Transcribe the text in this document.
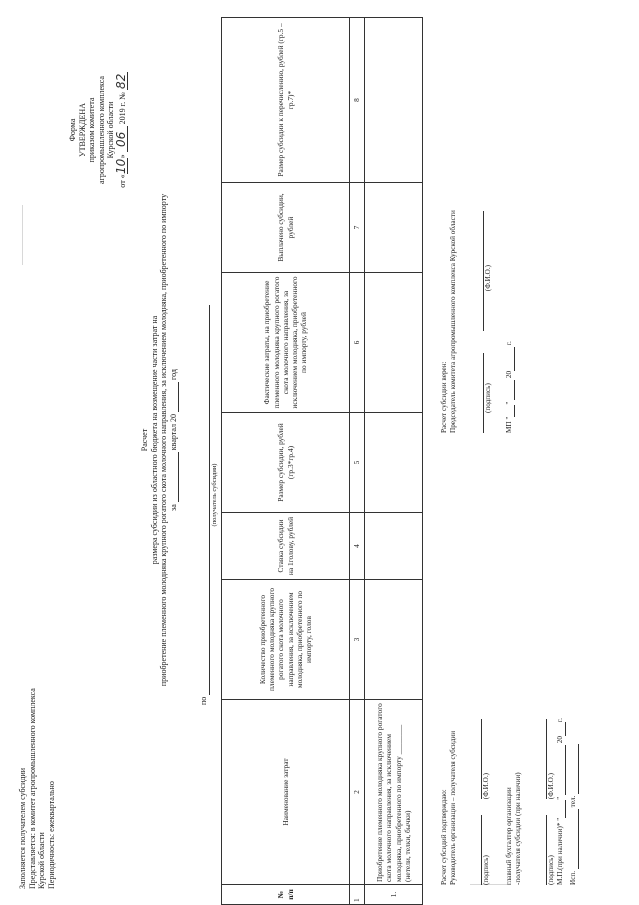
Заполняется получателем субсидии Представляется: в комитет агропромышленного комплекса Курской области Периодичность: ежеквартально
Форма УТВЕРЖДЕНА приказом комитета агропромышленного комплекса Курской области
от «10» 06 2019 г. № 82
Расчет размера субсидии из областного бюджета на возмещение части затрат на приобретение племенного молодняка крупного рогатого скота молочного направления, за исключением молодняка, приобретенного по импорту за   квартал 20   год
по
(получатель субсидии)
№ п/п	Наименование затрат	Количество приобретенного племенного молодняка крупного рогатого скота молочного направления, за исключением молодняка, приобретенного по импорту, голов	Ставка субсидии на 1голову, рублей	Размер субсидии, рублей (гр.3*гр.4)	Фактические затраты, на приобретение племенного молодняка крупного рогатого скота молочного направления, за исключением молодняка, приобретенного по импорту, рублей	Выплачено субсидии, рублей	Размер субсидии к перечислению, рублей (гр.5 – гр.7)*
1	2	3	4	5	6	7	8
1.	Приобретение племенного молодняка крупного рогатого скота молочного направления, за исключением молодняка, приобретенного по импорту ________ (нетели, телки, бычки)							Расчет субсидий подтверждаю: Руководитель организации – получателя субсидии
	(подпись) (Ф.И.О.)
главный бухгалтер организации -получателя субсидии (при наличии)
	(подпись) (Ф.И.О.)
М.П.(при наличии)* " "   20 г.
Исп.   тел.
Расчет субсидии верен: Председатель комитета агропромышленного комплекса Курской области
	(подпись) (Ф.И.О.)
МП " "   20  г.
